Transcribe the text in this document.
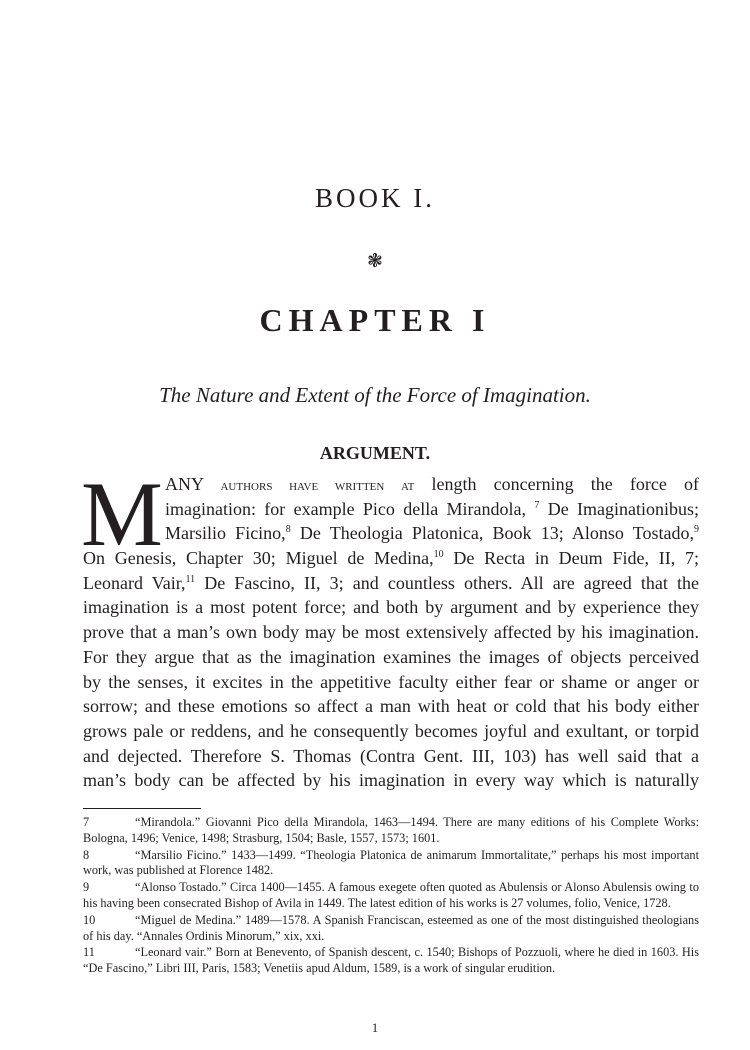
BOOK I.
❃
CHAPTER I
The Nature and Extent of the Force of Imagination.
ARGUMENT.
M ANY authors have written at length concerning the force of
imagination: for example Pico della Mirandola, $^7$ De Imaginationibus;
Marsilio Ficino,$^8$ De Theologia Platonica, Book 13; Alonso Tostado,$^9$
On Genesis, Chapter 30; Miguel de Medina,$^{10}$ De Recta in Deum Fide, II, 7;
Leonard Vair,$^{11}$ De Fascino, II, 3; and countless others. All are agreed that the
imagination is a most potent force; and both by argument and by experience they
prove that a man’s own body may be most extensively affected by his imagination.
For they argue that as the imagination examines the images of objects perceived
by the senses, it excites in the appetitive faculty either fear or shame or anger or
sorrow; and these emotions so affect a man with heat or cold that his body either
grows pale or reddens, and he consequently becomes joyful and exultant, or torpid
and dejected. Therefore S. Thomas (Contra Gent. III, 103) has well said that a
man’s body can be affected by his imagination in every way which is naturally
7	“Mirandola.” Giovanni Pico della Mirandola, 1463—1494. There are many editions of his Complete Works: Bologna, 1496; Venice, 1498; Strasburg, 1504; Basle, 1557, 1573; 1601.
8	“Marsilio Ficino.” 1433—1499. “Theologia Platonica de animarum Immortalitate,” perhaps his most important work, was published at Florence 1482.
9	“Alonso Tostado.” Circa 1400—1455. A famous exegete often quoted as Abulensis or Alonso Abulensis owing to his having been consecrated Bishop of Avila in 1449. The latest edition of his works is 27 volumes, folio, Venice, 1728.
10	“Miguel de Medina.” 1489—1578. A Spanish Franciscan, esteemed as one of the most distinguished theologians of his day. “Annales Ordinis Minorum,” xix, xxi.
11	“Leonard vair.” Born at Benevento, of Spanish descent, c. 1540; Bishops of Pozzuoli, where he died in 1603. His “De Fascino,” Libri III, Paris, 1583; Venetiis apud Aldum, 1589, is a work of singular erudition.
1
